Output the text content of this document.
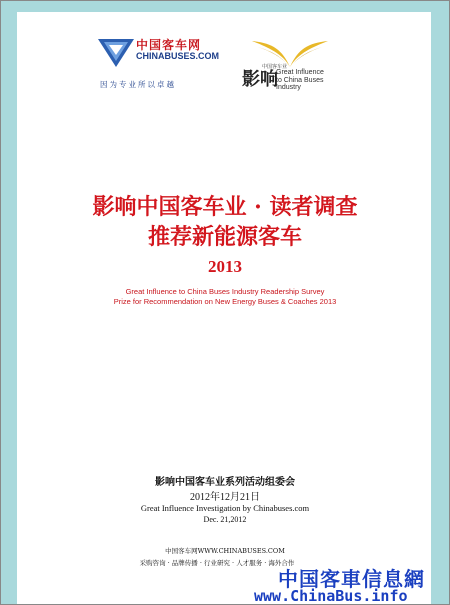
中国客车网
CHINABUSES.COM
因为专业所以卓越	影响
中国客车业
Great Influence
to China Buses
Industry
影响中国客车业 · 读者调查
推荐新能源客车
2013
Great Influence to China Buses Industry Readership Survey
Prize for Recommendation on New Energy Buses & Coaches 2013
影响中国客车业系列活动组委会
2012年12月21日
Great Influence Investigation by Chinabuses.com
Dec. 21,2012
中国客车网WWW.CHINABUSES.COM
采购咨询 · 品牌传播 · 行业研究 · 人才服务 · 海外合作
中国客車信息網
www.ChinaBus.info
